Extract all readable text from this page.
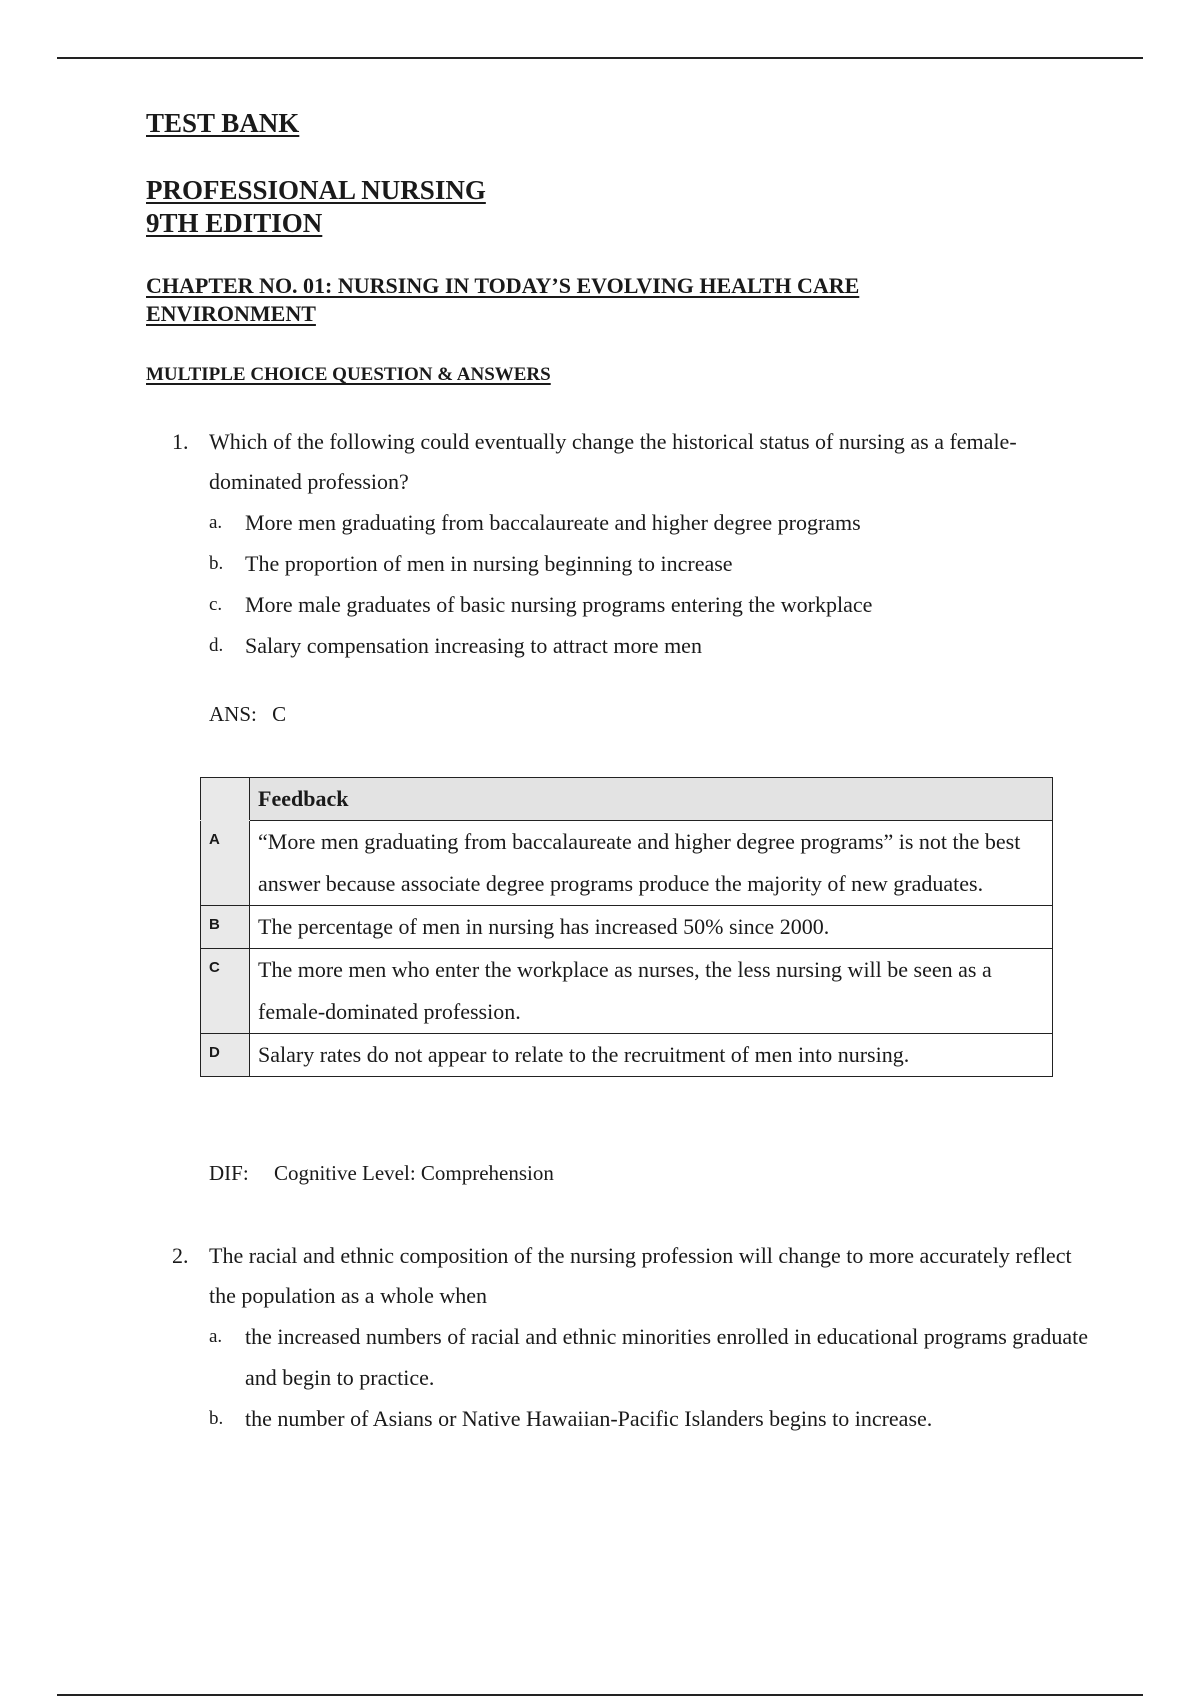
TEST BANK
PROFESSIONAL NURSING
9TH EDITION
CHAPTER NO. 01: NURSING IN TODAY’S EVOLVING HEALTH CARE ENVIRONMENT
MULTIPLE CHOICE QUESTION & ANSWERS
1. Which of the following could eventually change the historical status of nursing as a female-dominated profession?
a.	More men graduating from baccalaureate and higher degree programs
b. The proportion of men in nursing beginning to increase
c.	More male graduates of basic nursing programs entering the workplace
d. Salary compensation increasing to attract more men
ANS: C
	Feedback
A	“More men graduating from baccalaureate and higher degree programs” is not the best answer because associate degree programs produce the majority of new graduates.
B	The percentage of men in nursing has increased 50% since 2000.
C	The more men who enter the workplace as nurses, the less nursing will be seen as a female-dominated profession.
D	Salary rates do not appear to relate to the recruitment of men into nursing.
DIF: Cognitive Level: Comprehension
2. The racial and ethnic composition of the nursing profession will change to more accurately reflect the population as a whole when
a.	the increased numbers of racial and ethnic minorities enrolled in educational programs graduate and begin to practice.
b. the number of Asians or Native Hawaiian-Pacific Islanders begins to increase.
